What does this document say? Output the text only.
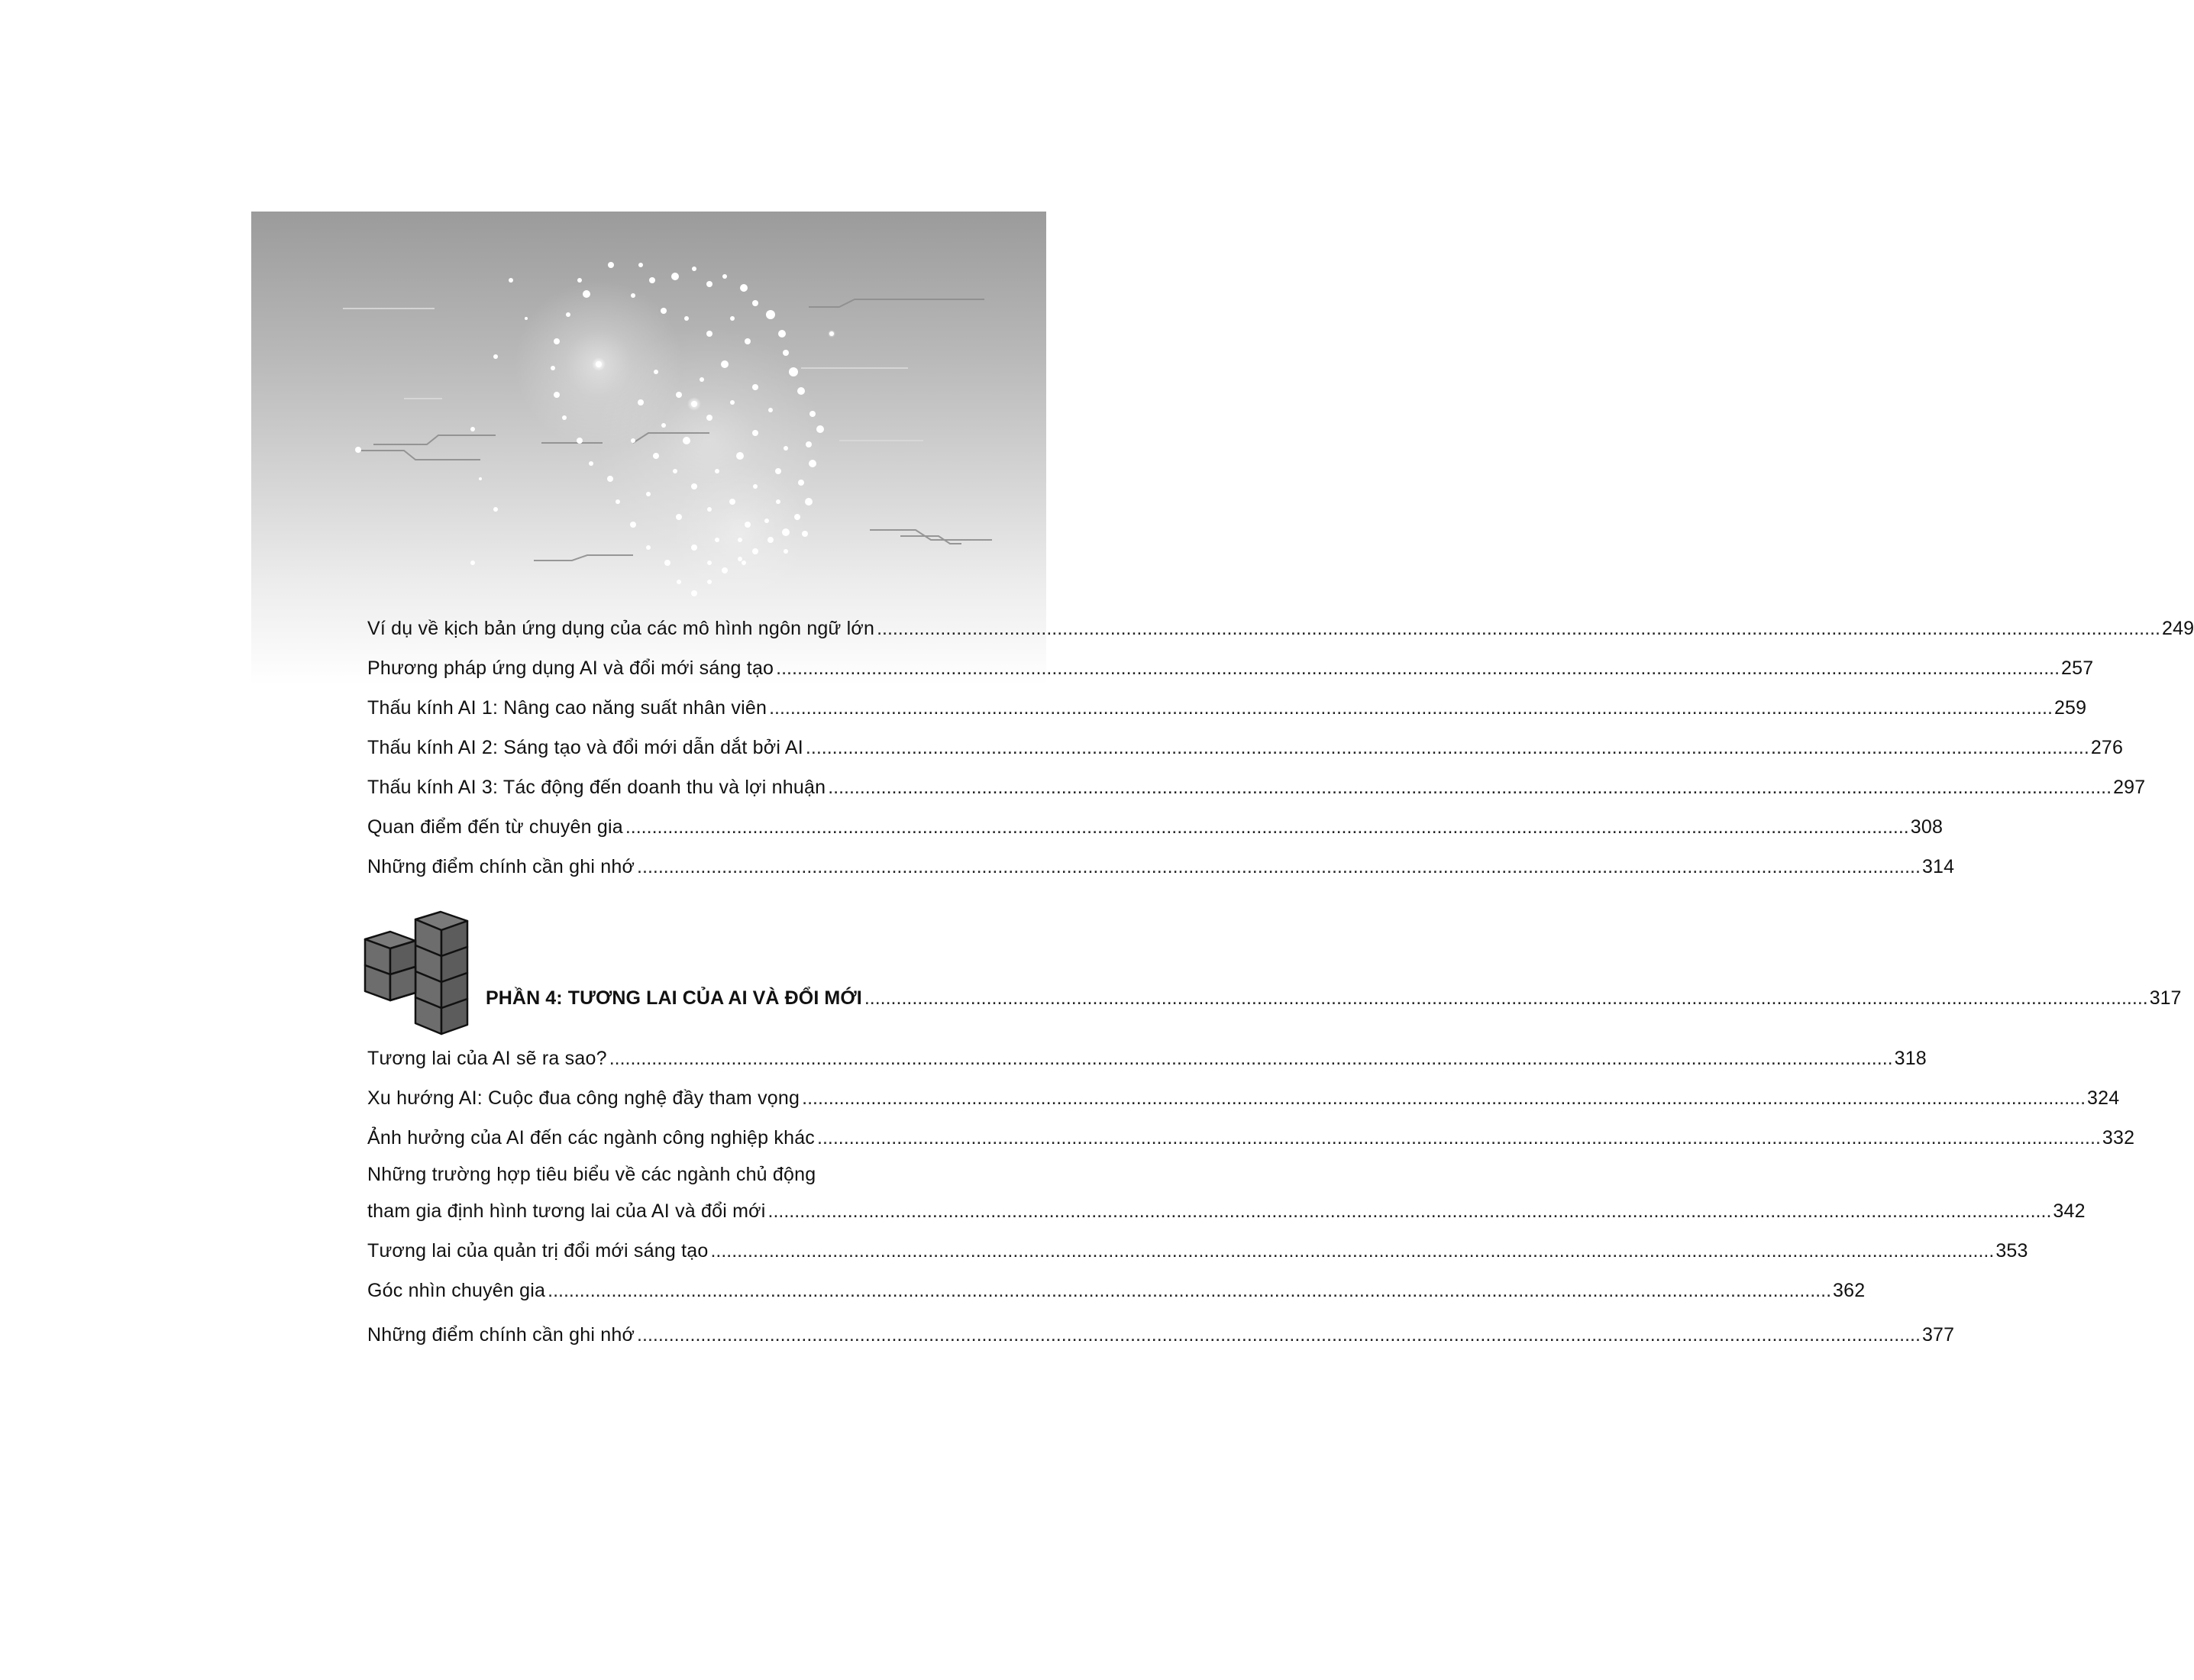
Ví dụ về kịch bản ứng dụng của các mô hình ngôn ngữ lớn .....	249
Phương pháp ứng dụng AI và đổi mới sáng tạo .....	257
Thấu kính AI 1: Nâng cao năng suất nhân viên .....	259
Thấu kính AI 2: Sáng tạo và đổi mới dẫn dắt bởi AI .....	276
Thấu kính AI 3: Tác động đến doanh thu và lợi nhuận .....	297
Quan điểm đến từ chuyên gia .....	308
Những điểm chính cần ghi nhớ .....	314
PHẦN 4: TƯƠNG LAI CỦA AI VÀ ĐỔI MỚI .....	317
Tương lai của AI sẽ ra sao? .....	318
Xu hướng AI: Cuộc đua công nghệ đầy tham vọng .....	324
Ảnh hưởng của AI đến các ngành công nghiệp khác .....	332
Những trường hợp tiêu biểu về các ngành chủ động
tham gia định hình tương lai của AI và đổi mới .....	342
Tương lai của quản trị đổi mới sáng tạo .....	353
Góc nhìn chuyên gia .....	362
Những điểm chính cần ghi nhớ .....	377
